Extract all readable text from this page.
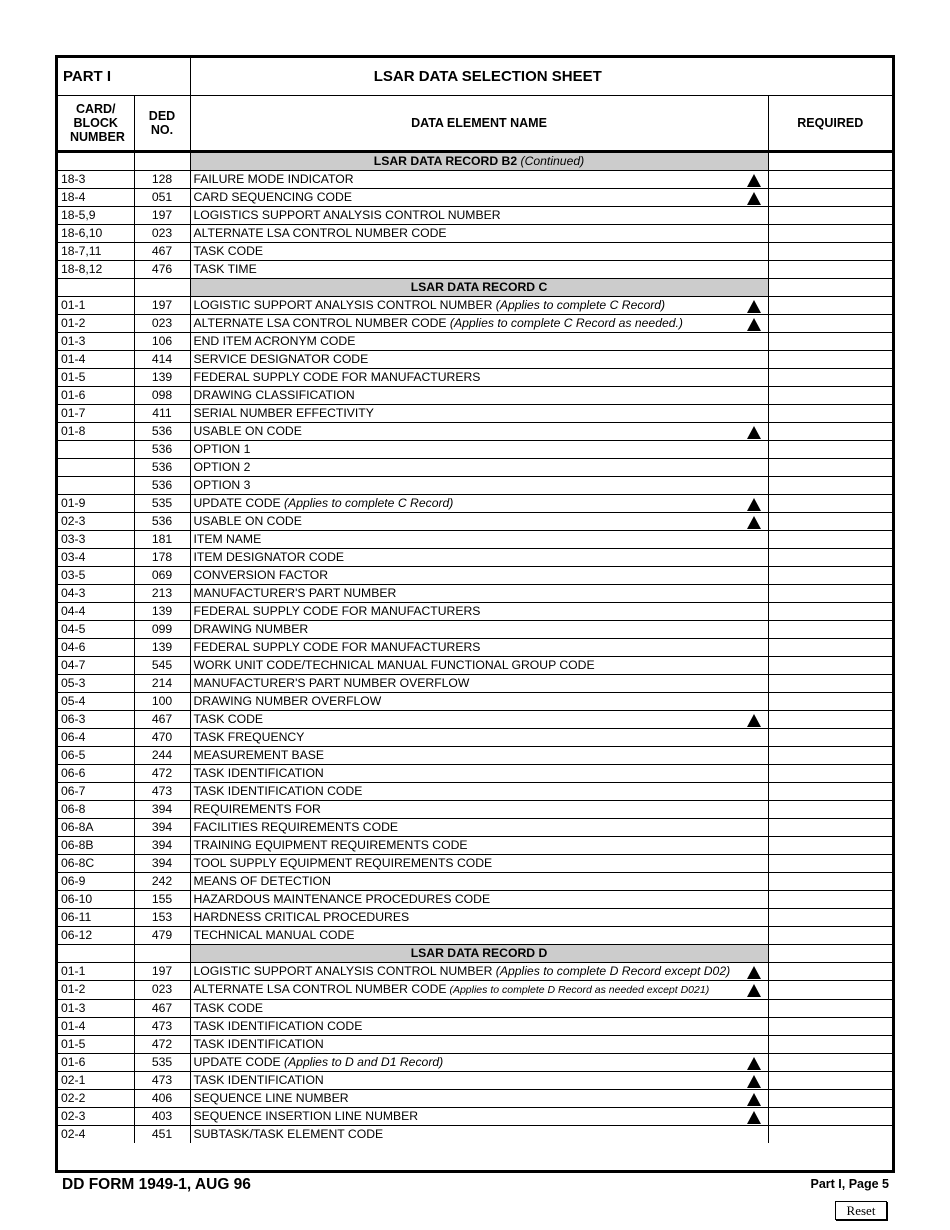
PART I		LSAR DATA SELECTION SHEET	
CARD/ BLOCK NUMBER	DED NO.	DATA ELEMENT NAME	REQUIRED
		LSAR DATA RECORD B2 (Continued)	
18-3	128	FAILURE MODE INDICATOR

18-4	051	CARD SEQUENCING CODE

18-5,9	197	LOGISTICS SUPPORT ANALYSIS CONTROL NUMBER	
18-6,10	023	ALTERNATE LSA CONTROL NUMBER CODE	
18-7,11	467	TASK CODE	
18-8,12	476	TASK TIME	
		LSAR DATA RECORD C	
01-1	197	LOGISTIC SUPPORT ANALYSIS CONTROL NUMBER (Applies to complete C Record)

01-2	023	ALTERNATE LSA CONTROL NUMBER CODE (Applies to complete C Record as needed.)

01-3	106	END ITEM ACRONYM CODE	
01-4	414	SERVICE DESIGNATOR CODE	
01-5	139	FEDERAL SUPPLY CODE FOR MANUFACTURERS	
01-6	098	DRAWING CLASSIFICATION	
01-7	411	SERIAL NUMBER EFFECTIVITY	
01-8	536	USABLE ON CODE

	536	OPTION 1	
	536	OPTION 2	
	536	OPTION 3	
01-9	535	UPDATE CODE (Applies to complete C Record)

02-3	536	USABLE ON CODE

03-3	181	ITEM NAME	
03-4	178	ITEM DESIGNATOR CODE	
03-5	069	CONVERSION FACTOR	
04-3	213	MANUFACTURER'S PART NUMBER	
04-4	139	FEDERAL SUPPLY CODE FOR MANUFACTURERS	
04-5	099	DRAWING NUMBER	
04-6	139	FEDERAL SUPPLY CODE FOR MANUFACTURERS	
04-7	545	WORK UNIT CODE/TECHNICAL MANUAL FUNCTIONAL GROUP CODE	
05-3	214	MANUFACTURER'S PART NUMBER OVERFLOW	
05-4	100	DRAWING NUMBER OVERFLOW	
06-3	467	TASK CODE

06-4	470	TASK FREQUENCY	
06-5	244	MEASUREMENT BASE	
06-6	472	TASK IDENTIFICATION	
06-7	473	TASK IDENTIFICATION CODE	
06-8	394	REQUIREMENTS FOR	
06-8A	394	FACILITIES REQUIREMENTS CODE	
06-8B	394	TRAINING EQUIPMENT REQUIREMENTS CODE	
06-8C	394	TOOL SUPPLY EQUIPMENT REQUIREMENTS CODE	
06-9	242	MEANS OF DETECTION	
06-10	155	HAZARDOUS MAINTENANCE PROCEDURES CODE	
06-11	153	HARDNESS CRITICAL PROCEDURES	
06-12	479	TECHNICAL MANUAL CODE	
		LSAR DATA RECORD D	
01-1	197	LOGISTIC SUPPORT ANALYSIS CONTROL NUMBER (Applies to complete D Record except D02)

01-2	023	ALTERNATE LSA CONTROL NUMBER CODE (Applies to complete D Record as needed except D021)

01-3	467	TASK CODE	
01-4	473	TASK IDENTIFICATION CODE	
01-5	472	TASK IDENTIFICATION	
01-6	535	UPDATE CODE (Applies to D and D1 Record)

02-1	473	TASK IDENTIFICATION

02-2	406	SEQUENCE LINE NUMBER

02-3	403	SEQUENCE INSERTION LINE NUMBER

02-4	451	SUBTASK/TASK ELEMENT CODE	
DD FORM 1949-1, AUG 96	Part I, Page 5
Reset
